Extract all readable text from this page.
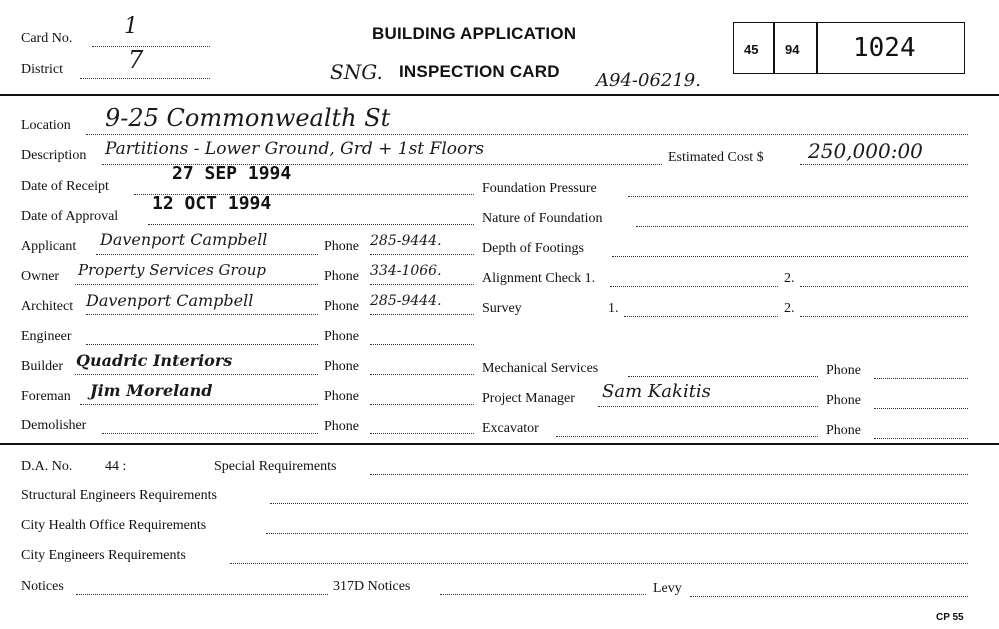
Card No. 1
District	7
BUILDING APPLICATION
SNG. INSPECTION CARD A94-06219.
45 94 1024
Location 9-25 Commonwealth St
Description Partitions - Lower Ground, Grd + 1st Floors	Estimated Cost $ 250,000:00
Date of Receipt
27 SEP 1994
Date of Approval
12 OCT 1994
Applicant Davenport Campbell	Phone 285-9444.
Owner Property Services Group	Phone 334-1066.
Architect Davenport Campbell	Phone 285-9444.
Engineer	Phone
Builder Quadric Interiors	Phone
Foreman Jim Moreland	Phone
Demolisher	Phone
Foundation Pressure
Nature of Foundation
Depth of Footings
Alignment Check 1.	2.
Survey	1.	2.
Mechanical Services	Phone
Project Manager Sam Kakitis	Phone
Excavator	Phone
D.A. No. 44 :	Special Requirements
Structural Engineers Requirements
City Health Office Requirements
City Engineers Requirements
Notices	317D Notices	Levy
CP 55
